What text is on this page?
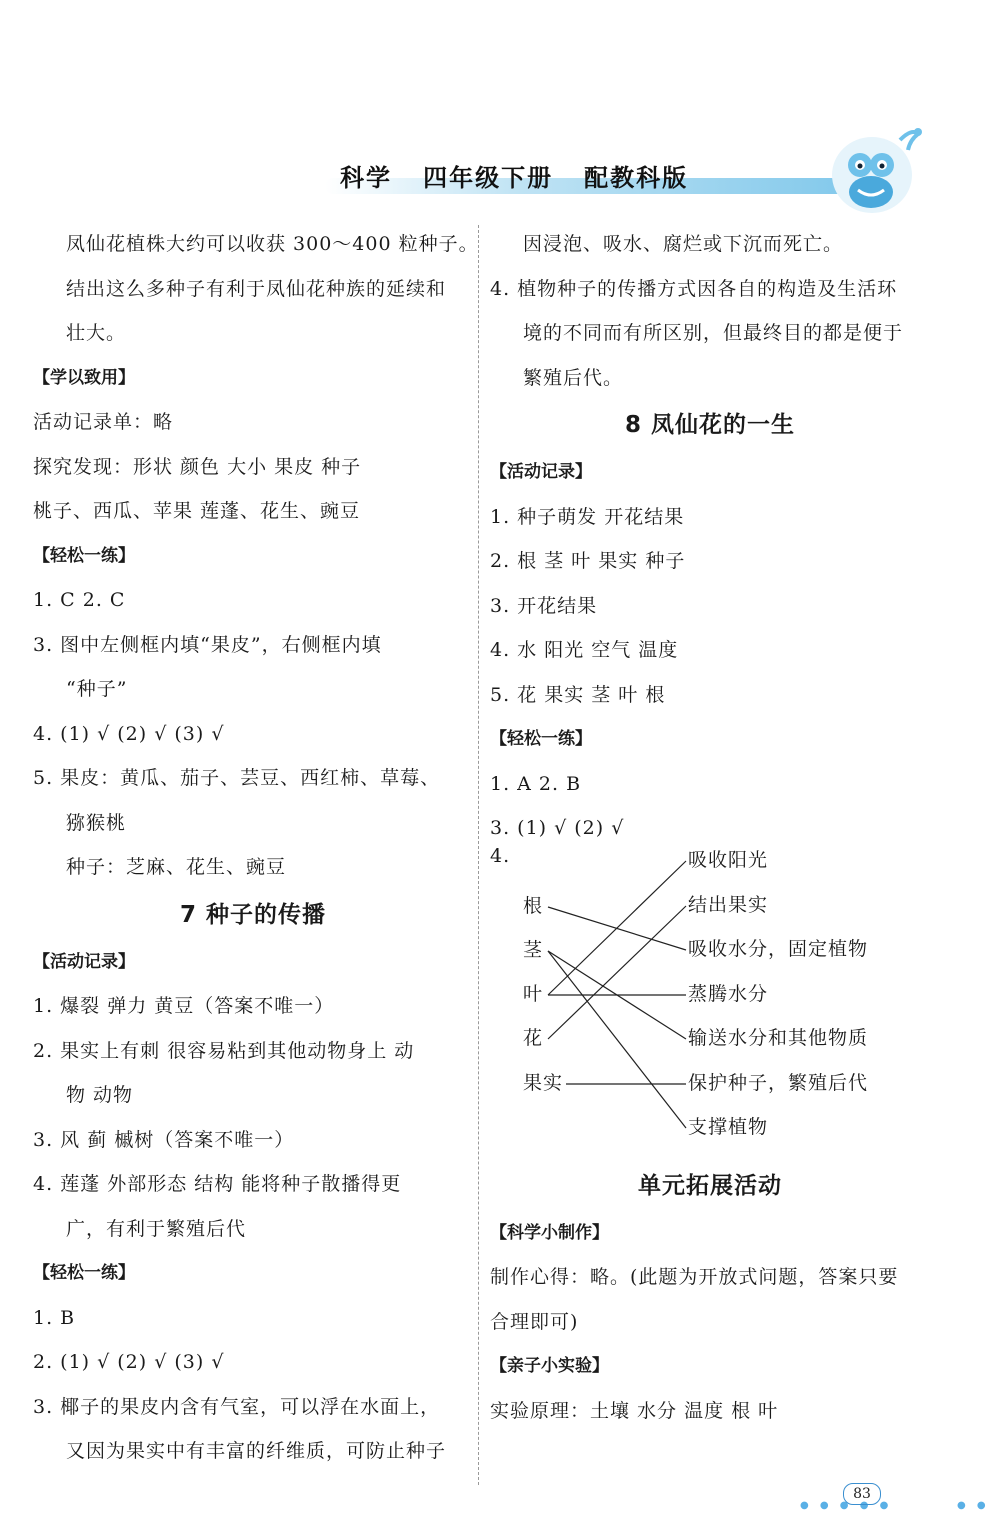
科学   四年级下册   配教科版
凤仙花植株大约可以收获 300～400 粒种子。
结出这么多种子有利于凤仙花种族的延续和
壮大。
【学以致用】
活动记录单：略
探究发现：形状 颜色 大小 果皮 种子
桃子、西瓜、苹果 莲蓬、花生、豌豆
【轻松一练】
1. C 2. C
3. 图中左侧框内填“果皮”，右侧框内填
“种子”
4. (1) √ (2) √ (3) √
5. 果皮：黄瓜、茄子、芸豆、西红柿、草莓、
猕猴桃
种子：芝麻、花生、豌豆
7 种子的传播
【活动记录】
1. 爆裂 弹力 黄豆（答案不唯一）
2. 果实上有刺 很容易粘到其他动物身上 动
物 动物
3. 风 蓟 槭树（答案不唯一）
4. 莲蓬 外部形态 结构 能将种子散播得更
广，有利于繁殖后代
【轻松一练】
1. B
2. (1) √ (2) √ (3) √
3. 椰子的果皮内含有气室，可以浮在水面上，
又因为果实中有丰富的纤维质，可防止种子
因浸泡、吸水、腐烂或下沉而死亡。
4. 植物种子的传播方式因各自的构造及生活环
境的不同而有所区别，但最终目的都是便于
繁殖后代。
8 凤仙花的一生
【活动记录】
1. 种子萌发 开花结果
2. 根 茎 叶 果实 种子
3. 开花结果
4. 水 阳光 空气 温度
5. 花 果实 茎 叶 根
【轻松一练】
1. A 2. B
3. (1) √ (2) √
4.
根
茎
叶
花
果实
吸收阳光
结出果实
吸收水分，固定植物
蒸腾水分
输送水分和其他物质
保护种子，繁殖后代
支撑植物
单元拓展活动
【科学小制作】
制作心得：略。(此题为开放式问题，答案只要
合理即可)
【亲子小实验】
实验原理：土壤 水分 温度 根 叶
● ● ● ● ●         ● ●
83
